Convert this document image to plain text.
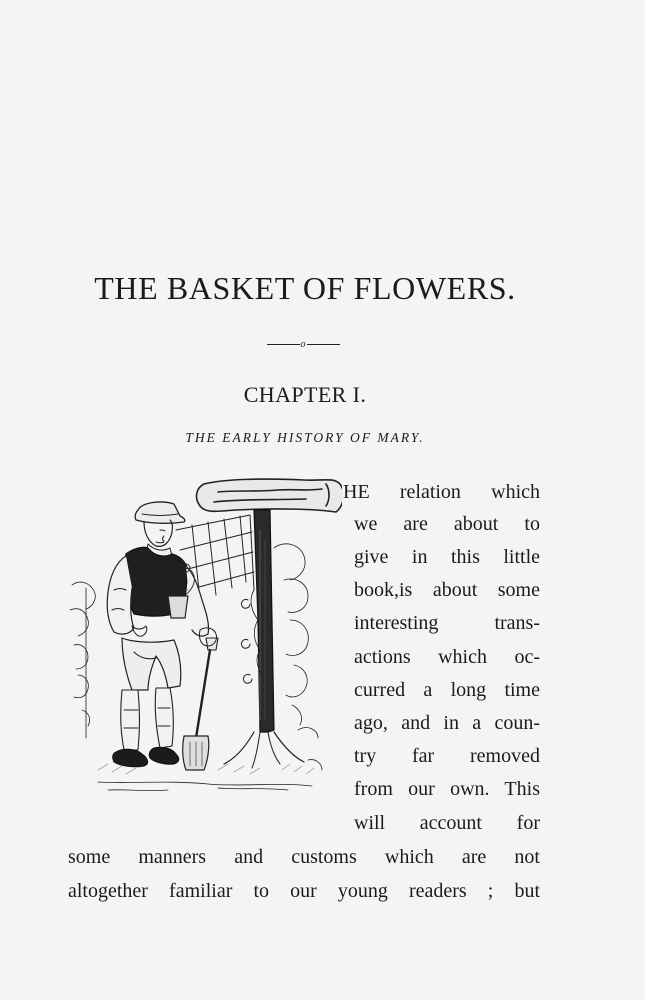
THE BASKET OF FLOWERS.
o
CHAPTER I.
THE EARLY HISTORY OF MARY.
HE relation which
we are about to
give in this little
book,is about some
interesting trans-
actions which oc-
curred a long time
ago, and in a coun-
try far removed
from our own. This
will account for
some manners and customs which are not
altogether familiar to our young readers ; but
